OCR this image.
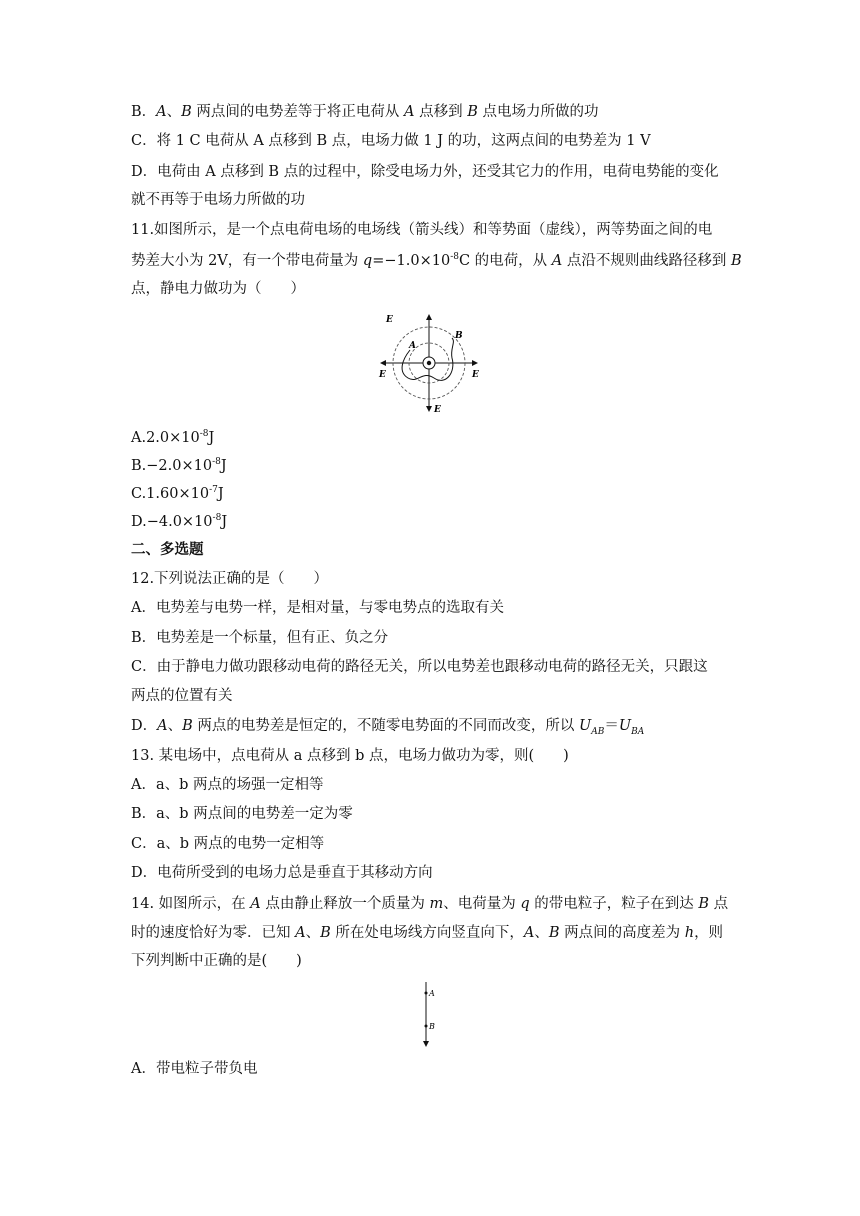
B．A、B 两点间的电势差等于将正电荷从 A 点移到 B 点电场力所做的功
C．将 1 C 电荷从 A 点移到 B 点，电场力做 1 J 的功，这两点间的电势差为 1 V
D．电荷由 A 点移到 B 点的过程中，除受电场力外，还受其它力的作用，电荷电势能的变化
就不再等于电场力所做的功
11.如图所示，是一个点电荷电场的电场线（箭头线）和等势面（虚线），两等势面之间的电
势差大小为 2V，有一个带电荷量为 $q=-1.0\times 10^{-8}C$ 的电荷，从 A 点沿不规则曲线路径移到 B
点，静电力做功为（　　）
E
E	E
E
A
B
$A.2.0\times 10^{-8}J$
$B.-2.0\times 10^{-8}J$
$C.1.60\times 10^{-7}J$
$D.-4.0\times 10^{-8}J$
二、多选题
12.下列说法正确的是（　　）
A．电势差与电势一样，是相对量，与零电势点的选取有关
B．电势差是一个标量，但有正、负之分
C．由于静电力做功跟移动电荷的路径无关，所以电势差也跟移动电荷的路径无关，只跟这
两点的位置有关
D．A、B 两点的电势差是恒定的，不随零电势面的不同而改变，所以 $U_{AB}=U_{BA}$
13. 某电场中，点电荷从 a 点移到 b 点，电场力做功为零，则(　　)
A．a、b 两点的场强一定相等
B．a、b 两点间的电势差一定为零
C．a、b 两点的电势一定相等
D．电荷所受到的电场力总是垂直于其移动方向
14. 如图所示，在 A 点由静止释放一个质量为 m、电荷量为 q 的带电粒子，粒子在到达 B 点
时的速度恰好为零．已知 A、B 所在处电场线方向竖直向下，A、B 两点间的高度差为 h，则
下列判断中正确的是(　　)
A
B
A．带电粒子带负电
